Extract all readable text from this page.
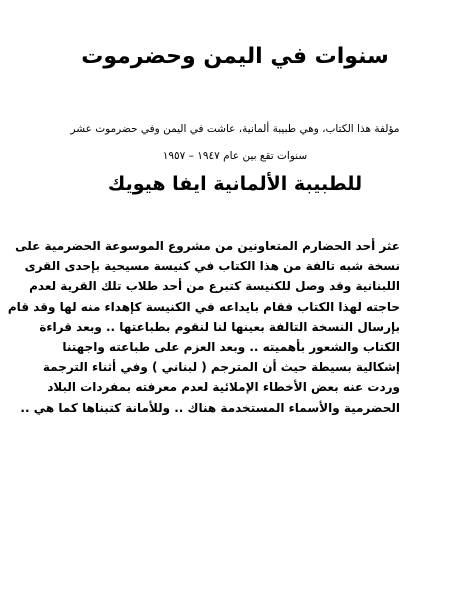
سنوات في اليمن وحضرموت
مؤلفة هذا الكتاب، وهي طبيبة ألمانية، عاشت في اليمن وفي حضرموت عشر
سنوات تقع بين عام ١٩٤٧ – ١٩٥٧
للطبيبة الألمانية ايفا هيويك
عثر أحد الحضارم المتعاونين من مشروع الموسوعة الحضرمية على
نسخة شبه تالفة من هذا الكتاب في كنيسة مسيحية بإحدى القرى
اللبنانية وقد وصل للكنيسة كتبرع من أحد طلاب تلك القرية لعدم
حاجته لهذا الكتاب فقام بايداعه في الكنيسة كإهداء منه لها وقد قام
بإرسال النسخة التالفة بعينها لنا لنقوم بطباعتها .. وبعد قراءة
الكتاب والشعور بأهميته .. وبعد العزم على طباعته واجهتنا
إشكالية بسيطة حيث أن المترجم ( لبناني ) وفي أثناء الترجمة
وردت عنه بعض الأخطاء الإملائية لعدم معرفته بمفردات البلاد
الحضرمية والأسماء المستخدمة هناك .. وللأمانة كتبناها كما هي ..
